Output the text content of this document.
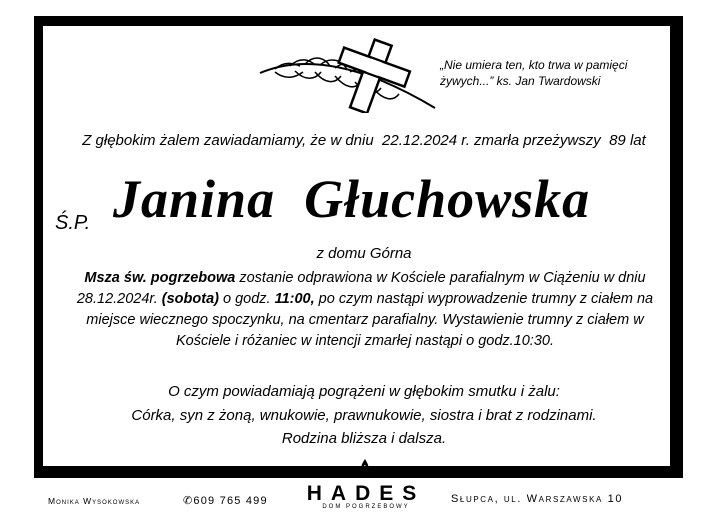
„Nie umiera ten, kto trwa w pamięci
żywych...” ks. Jan Twardowski
Z głębokim żalem zawiadamiamy, że w dniu 22.12.2024 r. zmarła przeżywszy 89 lat
Ś.P. Janina  Głuchowska
z domu Górna
Msza św. pogrzebowa zostanie odprawiona w Kościele parafialnym w Ciążeniu w dniu 28.12.2024r. (sobota) o godz. 11:00, po czym nastąpi wyprowadzenie trumny z ciałem na miejsce wiecznego spoczynku, na cmentarz parafialny. Wystawienie trumny z ciałem w Kościele i różaniec w intencji zmarłej nastąpi o godz.10:30.
O czym powiadamiają pogrążeni w głębokim smutku i żalu:
Córka, syn z żoną, wnukowie, prawnukowie, siostra i brat z rodzinami.
Rodzina bliższa i dalsza.
Monika Wysokowska	✆609 765 499 HADES
DOM POGRZEBOWY
Słupca, ul. Warszawska 10
